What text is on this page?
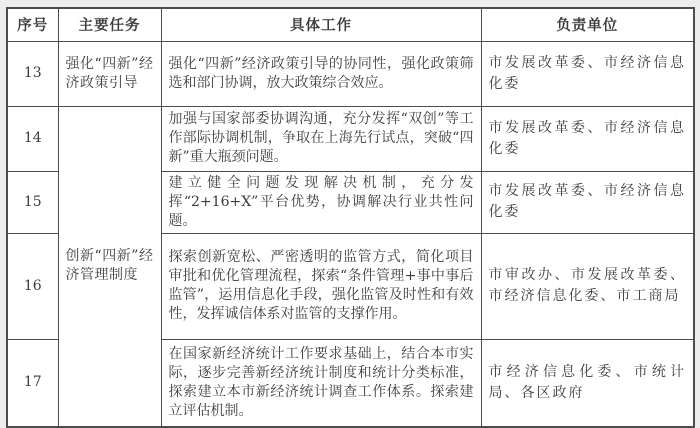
序号	主要任务	具体工作	负责单位
13	强化“四新”经济政策引导	强化“四新”经济政策引导的协同性，强化政策筛选和部门协调，放大政策综合效应。	市发展改革委、市经济信息化委
14	创新“四新”经济管理制度	加强与国家部委协调沟通，充分发挥“双创”等工作部际协调机制，争取在上海先行试点，突破“四新”重大瓶颈问题。	市发展改革委、市经济信息化委
15		建立健全问题发现解决机制，充分发挥“2+16+X”平台优势，协调解决行业共性问题。	市发展改革委、市经济信息化委
16		探索创新宽松、严密透明的监管方式，简化项目审批和优化管理流程，探索“条件管理+事中事后监管”，运用信息化手段，强化监管及时性和有效性，发挥诚信体系对监管的支撑作用。	市审改办、市发展改革委、市经济信息化委、市工商局
17		在国家新经济统计工作要求基础上，结合本市实际，逐步完善新经济统计制度和统计分类标准，探索建立本市新经济统计调查工作体系。探索建立评估机制。	市经济信息化委、市统计局、各区政府
